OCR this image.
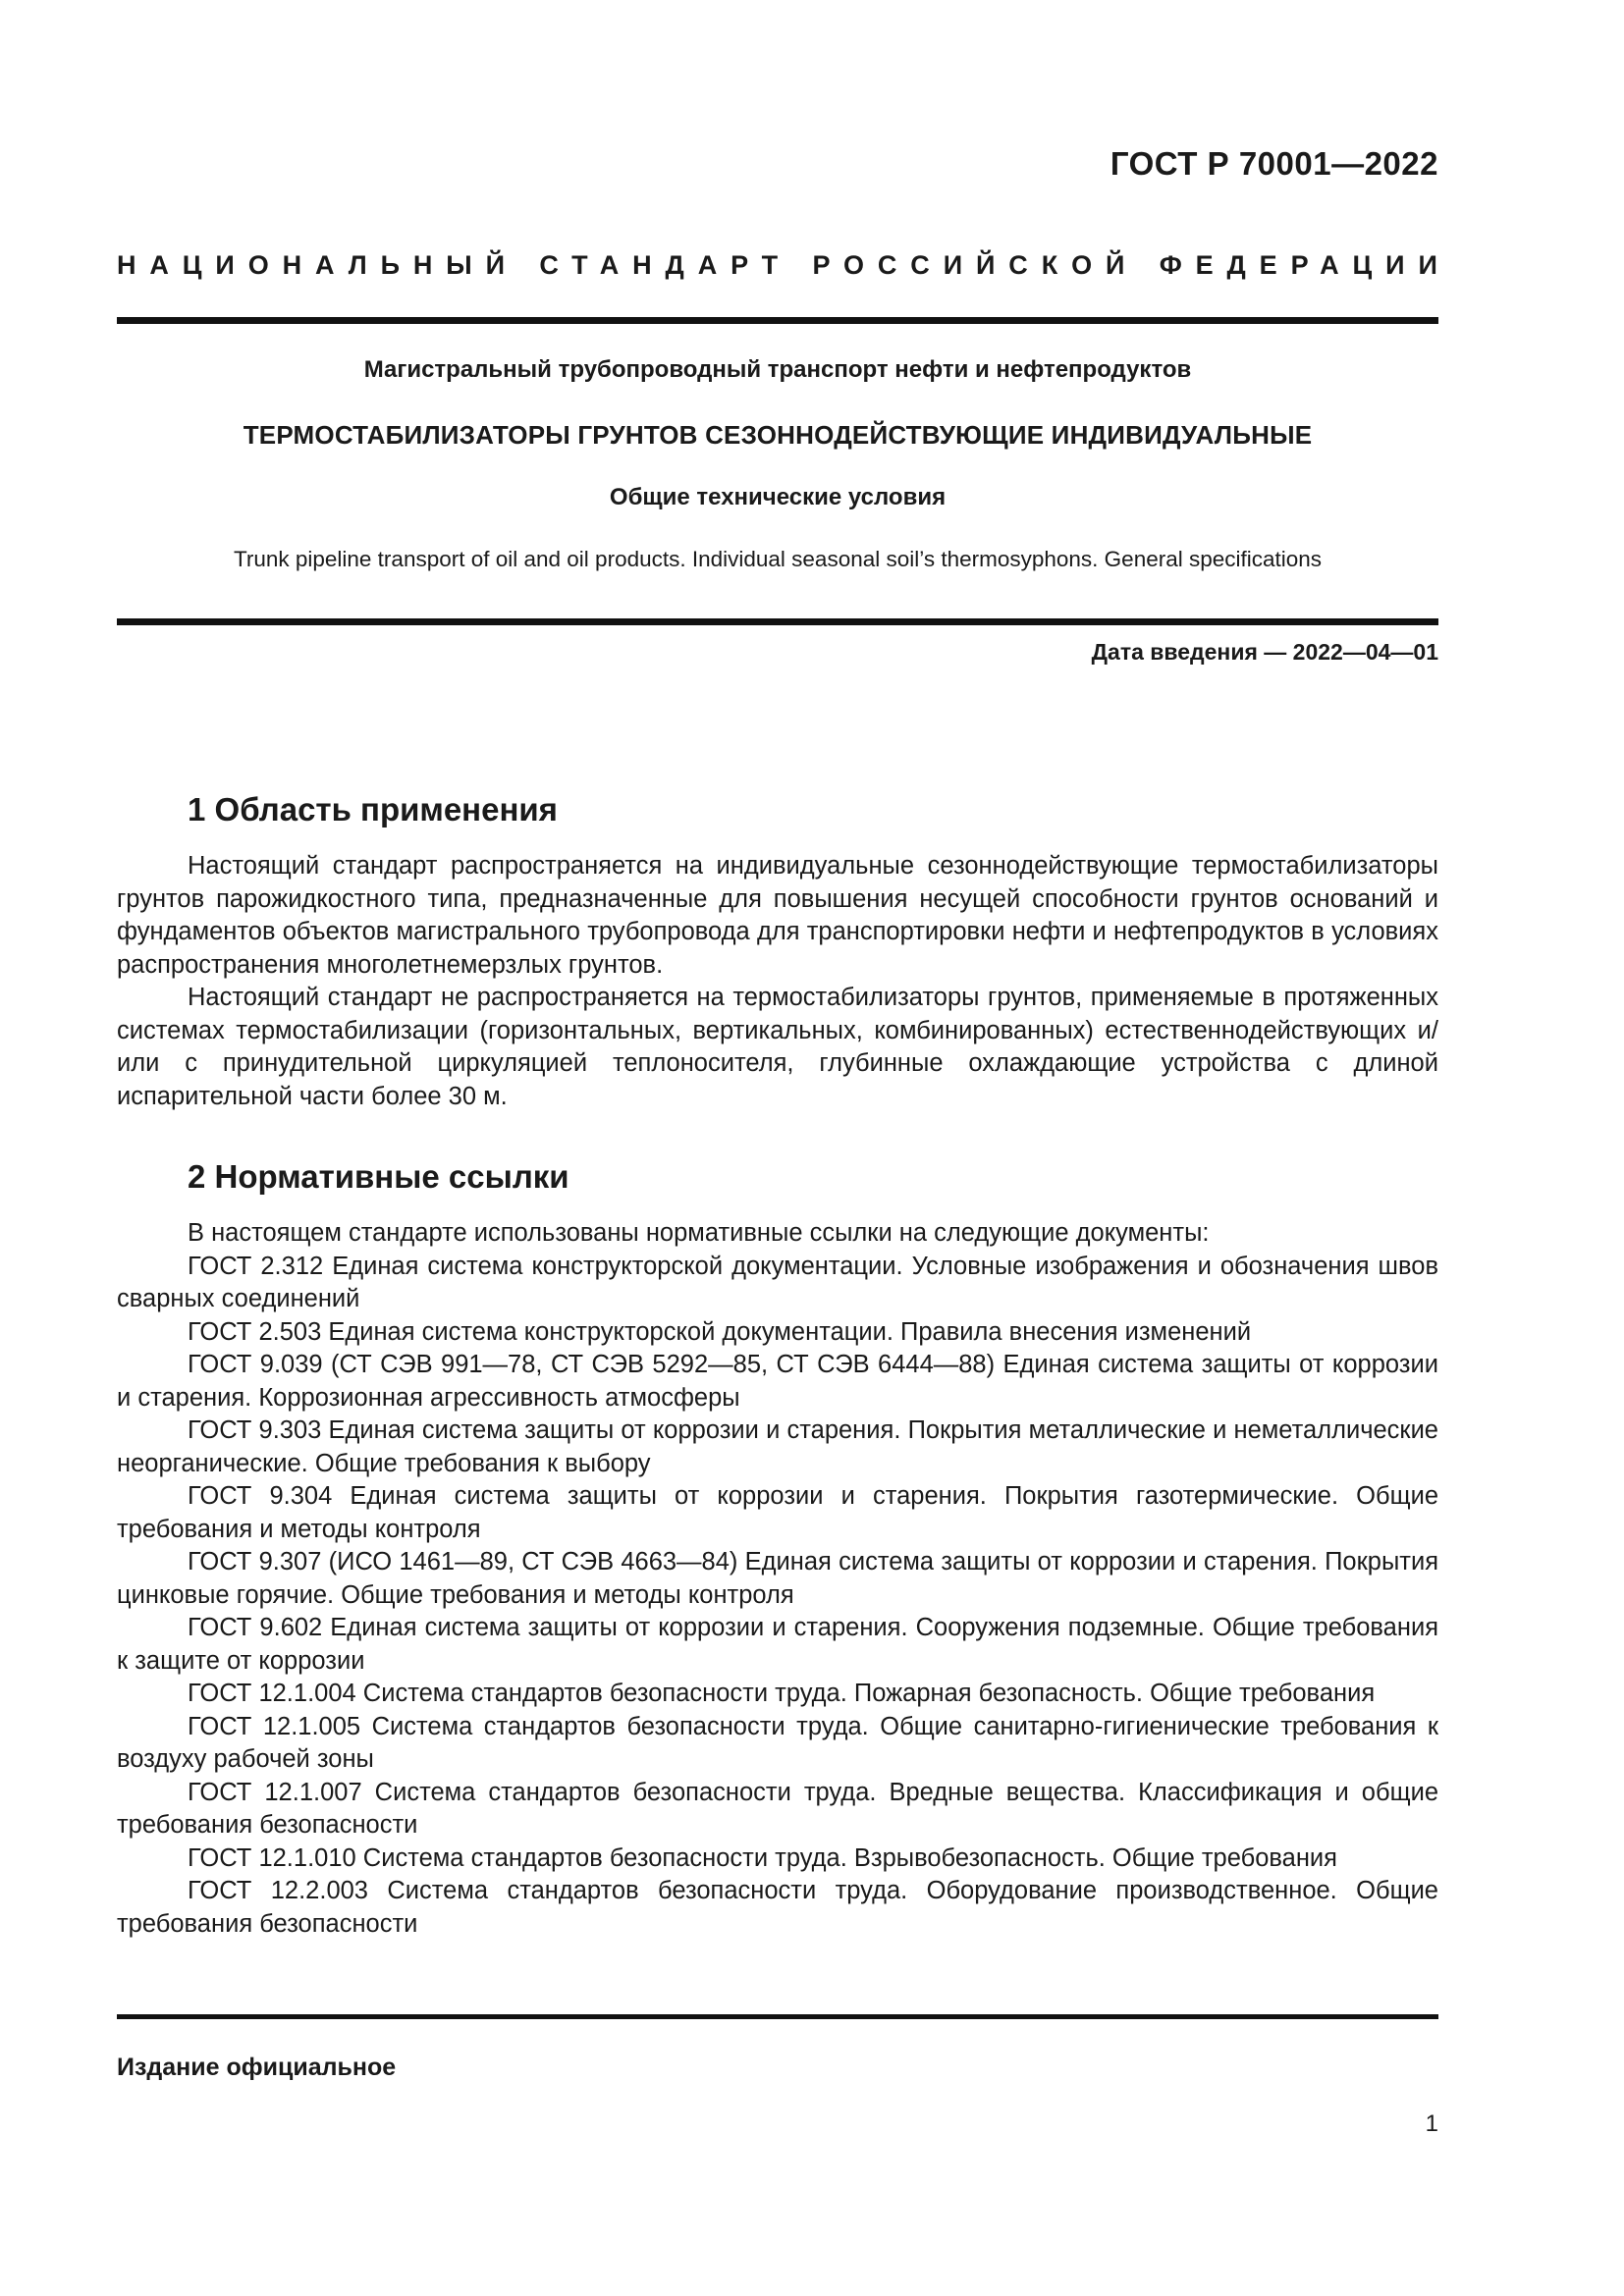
ГОСТ Р 70001—2022
НАЦИОНАЛЬНЫЙ СТАНДАРТ РОССИЙСКОЙ ФЕДЕРАЦИИ
Магистральный трубопроводный транспорт нефти и нефтепродуктов
ТЕРМОСТАБИЛИЗАТОРЫ ГРУНТОВ СЕЗОННОДЕЙСТВУЮЩИЕ ИНДИВИДУАЛЬНЫЕ
Общие технические условия
Trunk pipeline transport of oil and oil products. Individual seasonal soil’s thermosyphons. General specifications
Дата введения — 2022—04—01
1 Область применения

Настоящий стандарт распространяется на индивидуальные сезоннодействующие термостабилизаторы грунтов парожидкостного типа, предназначенные для повышения несущей способности грунтов оснований и фундаментов объектов магистрального трубопровода для транспортировки нефти и нефтепродуктов в условиях распространения многолетнемерзлых грунтов.

Настоящий стандарт не распространяется на термостабилизаторы грунтов, применяемые в протяженных системах термостабилизации (горизонтальных, вертикальных, комбинированных) естественнодействующих и/или с принудительной циркуляцией теплоносителя, глубинные охлаждающие устройства с длиной испарительной части более 30 м.

2 Нормативные ссылки

В настоящем стандарте использованы нормативные ссылки на следующие документы:

ГОСТ 2.312 Единая система конструкторской документации. Условные изображения и обозначения швов сварных соединений
ГОСТ 2.503 Единая система конструкторской документации. Правила внесения изменений
ГОСТ 9.039 (СТ СЭВ 991—78, СТ СЭВ 5292—85, СТ СЭВ 6444—88) Единая система защиты от коррозии и старения. Коррозионная агрессивность атмосферы
ГОСТ 9.303 Единая система защиты от коррозии и старения. Покрытия металлические и неметаллические неорганические. Общие требования к выбору
ГОСТ 9.304 Единая система защиты от коррозии и старения. Покрытия газотермические. Общие требования и методы контроля
ГОСТ 9.307 (ИСО 1461—89, СТ СЭВ 4663—84) Единая система защиты от коррозии и старения. Покрытия цинковые горячие. Общие требования и методы контроля
ГОСТ 9.602 Единая система защиты от коррозии и старения. Сооружения подземные. Общие требования к защите от коррозии
ГОСТ 12.1.004 Система стандартов безопасности труда. Пожарная безопасность. Общие требования
ГОСТ 12.1.005 Система стандартов безопасности труда. Общие санитарно-гигиенические требования к воздуху рабочей зоны
ГОСТ 12.1.007 Система стандартов безопасности труда. Вредные вещества. Классификация и общие требования безопасности
ГОСТ 12.1.010 Система стандартов безопасности труда. Взрывобезопасность. Общие требования
ГОСТ 12.2.003 Система стандартов безопасности труда. Оборудование производственное. Общие требования безопасности
Издание официальное
1
